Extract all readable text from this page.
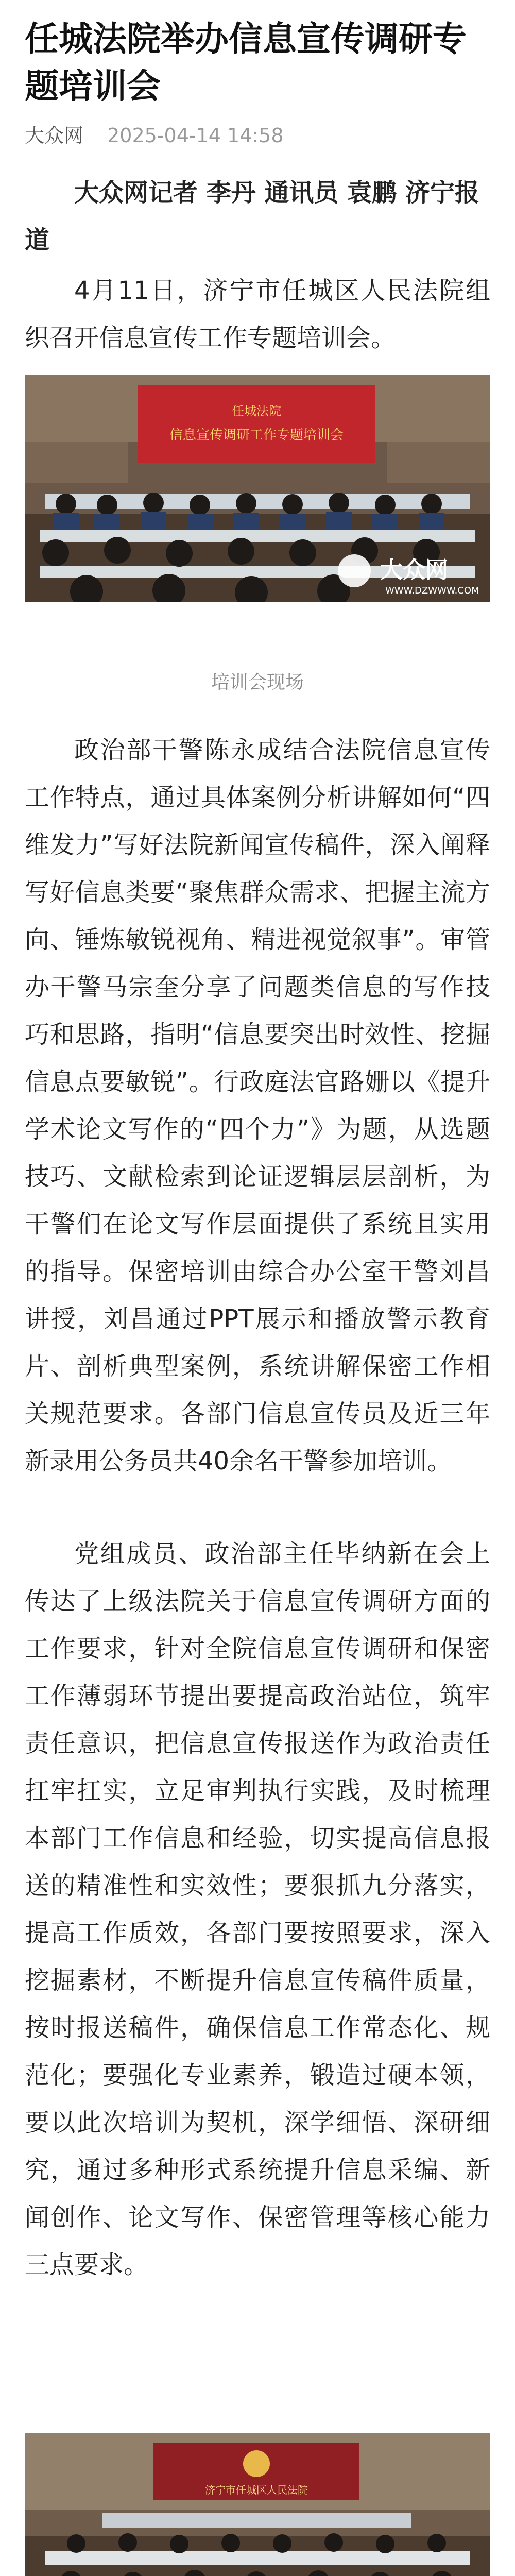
任城法院举办信息宣传调研专题培训会
大众网 2025-04-14 14:58

大众网记者 李丹 通讯员 袁鹏 济宁报道

4月11日，济宁市任城区人民法院组织召开信息宣传工作专题培训会。

任城法院
信息宣传调研工作专题培训会
大众网
WWW.DZWWW.COM

培训会现场

政治部干警陈永成结合法院信息宣传工作特点，通过具体案例分析讲解如何“四维发力”写好法院新闻宣传稿件，深入阐释写好信息类要“聚焦群众需求、把握主流方向、锤炼敏锐视角、精进视觉叙事”。审管办干警马宗奎分享了问题类信息的写作技巧和思路，指明“信息要突出时效性、挖掘信息点要敏锐”。行政庭法官路姗以《提升学术论文写作的“四个力”》为题，从选题技巧、文献检索到论证逻辑层层剖析，为干警们在论文写作层面提供了系统且实用的指导。保密培训由综合办公室干警刘昌讲授，刘昌通过PPT展示和播放警示教育片、剖析典型案例，系统讲解保密工作相关规范要求。各部门信息宣传员及近三年新录用公务员共40余名干警参加培训。

党组成员、政治部主任毕纳新在会上传达了上级法院关于信息宣传调研方面的工作要求，针对全院信息宣传调研和保密工作薄弱环节提出要提高政治站位，筑牢责任意识，把信息宣传报送作为政治责任扛牢扛实，立足审判执行实践，及时梳理本部门工作信息和经验，切实提高信息报送的精准性和实效性；要狠抓九分落实，提高工作质效，各部门要按照要求，深入挖掘素材，不断提升信息宣传稿件质量，按时报送稿件，确保信息工作常态化、规范化；要强化专业素养，锻造过硬本领，要以此次培训为契机，深学细悟、深研细究，通过多种形式系统提升信息采编、新闻创作、论文写作、保密管理等核心能力三点要求。

济宁市任城区人民法院
